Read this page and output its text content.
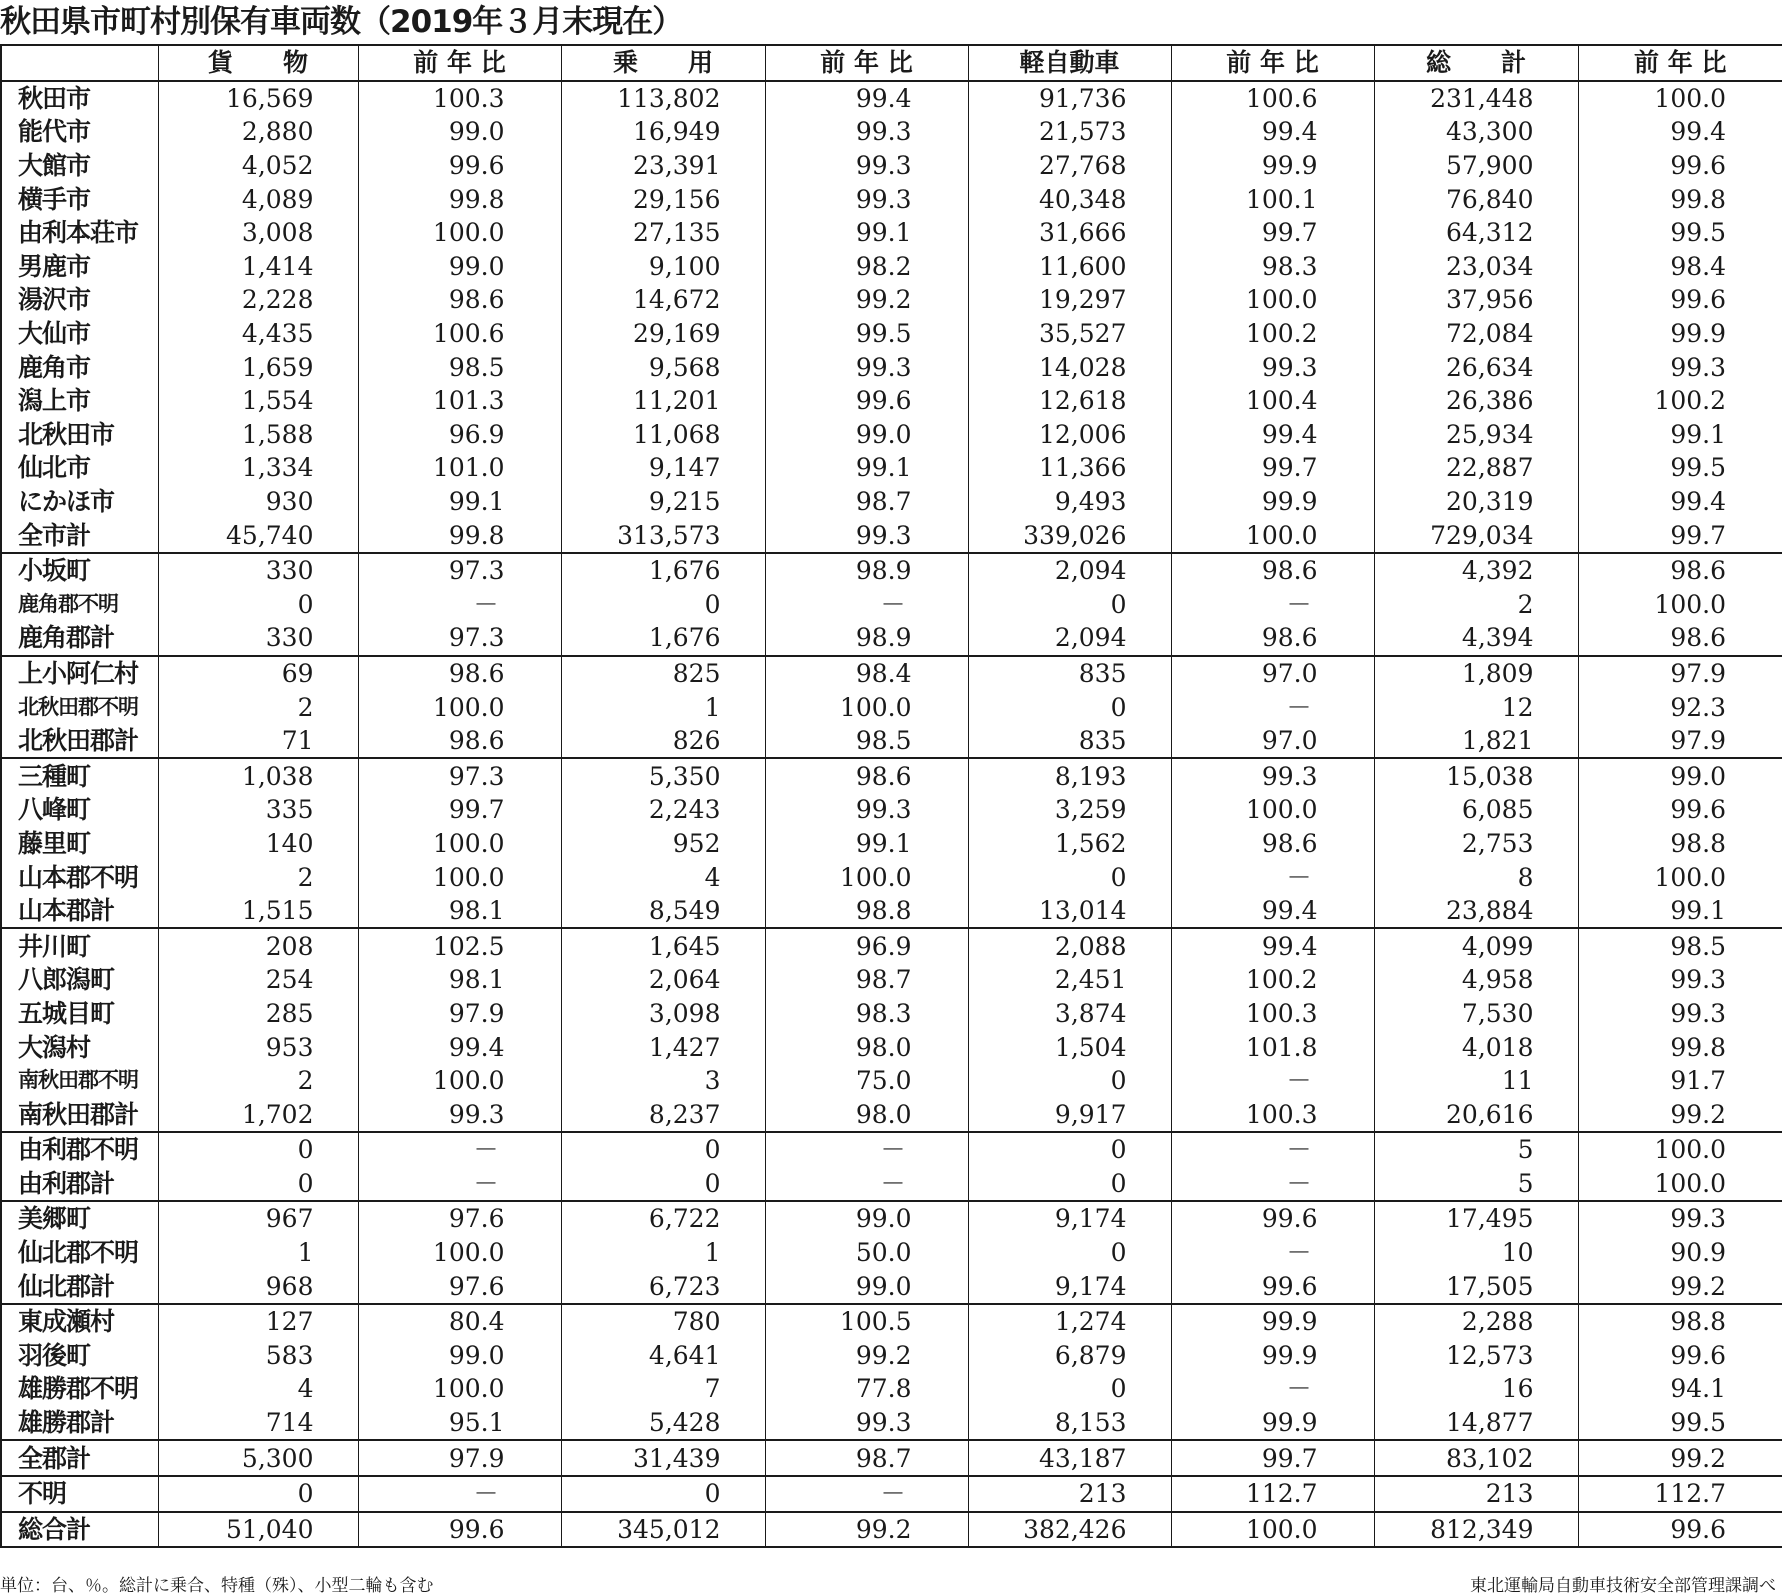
秋田県市町村別保有車両数（2019年３月末現在）
	貨　　物	前 年 比	乗　　用	前 年 比	軽自動車	前 年 比	総　　計	前 年 比
秋田市	16,569	100.3	113,802	99.4	91,736	100.6	231,448	100.0
能代市	2,880	99.0	16,949	99.3	21,573	99.4	43,300	99.4
大館市	4,052	99.6	23,391	99.3	27,768	99.9	57,900	99.6
横手市	4,089	99.8	29,156	99.3	40,348	100.1	76,840	99.8
由利本荘市	3,008	100.0	27,135	99.1	31,666	99.7	64,312	99.5
男鹿市	1,414	99.0	9,100	98.2	11,600	98.3	23,034	98.4
湯沢市	2,228	98.6	14,672	99.2	19,297	100.0	37,956	99.6
大仙市	4,435	100.6	29,169	99.5	35,527	100.2	72,084	99.9
鹿角市	1,659	98.5	9,568	99.3	14,028	99.3	26,634	99.3
潟上市	1,554	101.3	11,201	99.6	12,618	100.4	26,386	100.2
北秋田市	1,588	96.9	11,068	99.0	12,006	99.4	25,934	99.1
仙北市	1,334	101.0	9,147	99.1	11,366	99.7	22,887	99.5
にかほ市	930	99.1	9,215	98.7	9,493	99.9	20,319	99.4
全市計	45,740	99.8	313,573	99.3	339,026	100.0	729,034	99.7
小坂町	330	97.3	1,676	98.9	2,094	98.6	4,392	98.6
鹿角郡不明	0	－	0	－	0	－	2	100.0
鹿角郡計	330	97.3	1,676	98.9	2,094	98.6	4,394	98.6
上小阿仁村	69	98.6	825	98.4	835	97.0	1,809	97.9
北秋田郡不明	2	100.0	1	100.0	0	－	12	92.3
北秋田郡計	71	98.6	826	98.5	835	97.0	1,821	97.9
三種町	1,038	97.3	5,350	98.6	8,193	99.3	15,038	99.0
八峰町	335	99.7	2,243	99.3	3,259	100.0	6,085	99.6
藤里町	140	100.0	952	99.1	1,562	98.6	2,753	98.8
山本郡不明	2	100.0	4	100.0	0	－	8	100.0
山本郡計	1,515	98.1	8,549	98.8	13,014	99.4	23,884	99.1
井川町	208	102.5	1,645	96.9	2,088	99.4	4,099	98.5
八郎潟町	254	98.1	2,064	98.7	2,451	100.2	4,958	99.3
五城目町	285	97.9	3,098	98.3	3,874	100.3	7,530	99.3
大潟村	953	99.4	1,427	98.0	1,504	101.8	4,018	99.8
南秋田郡不明	2	100.0	3	75.0	0	－	11	91.7
南秋田郡計	1,702	99.3	8,237	98.0	9,917	100.3	20,616	99.2
由利郡不明	0	－	0	－	0	－	5	100.0
由利郡計	0	－	0	－	0	－	5	100.0
美郷町	967	97.6	6,722	99.0	9,174	99.6	17,495	99.3
仙北郡不明	1	100.0	1	50.0	0	－	10	90.9
仙北郡計	968	97.6	6,723	99.0	9,174	99.6	17,505	99.2
東成瀬村	127	80.4	780	100.5	1,274	99.9	2,288	98.8
羽後町	583	99.0	4,641	99.2	6,879	99.9	12,573	99.6
雄勝郡不明	4	100.0	7	77.8	0	－	16	94.1
雄勝郡計	714	95.1	5,428	99.3	8,153	99.9	14,877	99.5
全郡計	5,300	97.9	31,439	98.7	43,187	99.7	83,102	99.2
不明	0	－	0	－	213	112.7	213	112.7
総合計	51,040	99.6	345,012	99.2	382,426	100.0	812,349	99.6
単位：台、％。総計に乗合、特種（殊）、小型二輪も含む	東北運輸局自動車技術安全部管理課調べ
